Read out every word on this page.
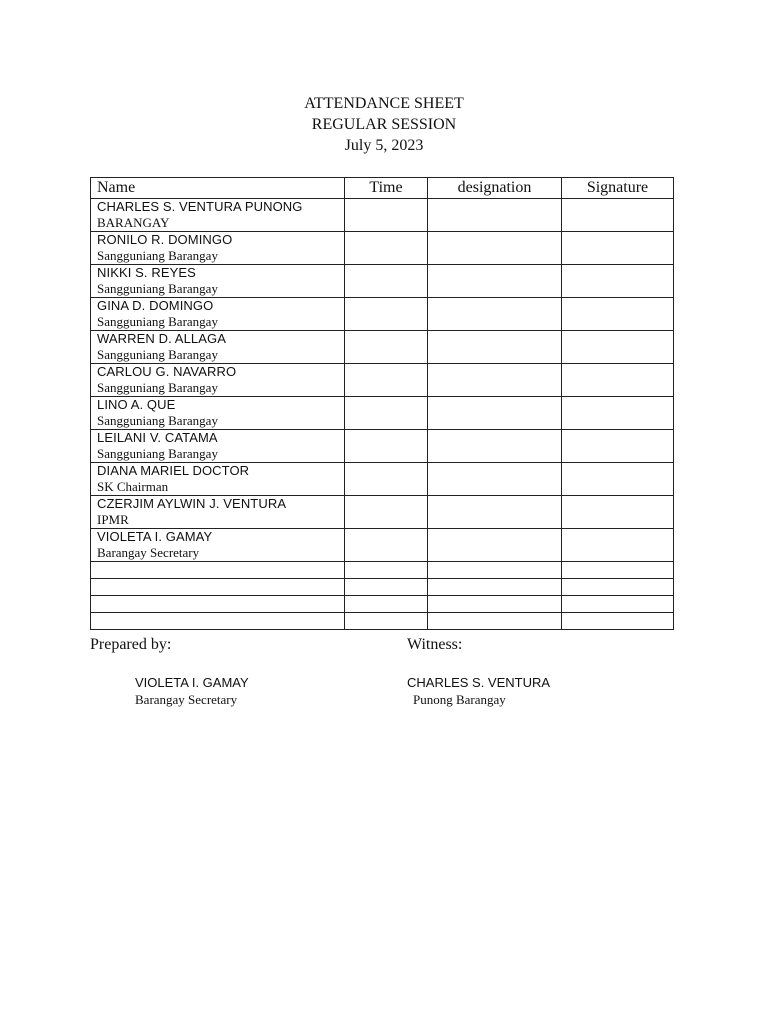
ATTENDANCE SHEET
REGULAR SESSION
July 5, 2023
Name	Time	designation	Signature

CHARLES S. VENTURA PUNONG
BARANGAY			

RONILO R. DOMINGO
Sangguniang Barangay			

NIKKI S. REYES
Sangguniang Barangay			

GINA D. DOMINGO
Sangguniang Barangay			

WARREN D. ALLAGA
Sangguniang Barangay			

CARLOU G. NAVARRO
Sangguniang Barangay			

LINO A. QUE
Sangguniang Barangay			

LEILANI V. CATAMA
Sangguniang Barangay			

DIANA MARIEL DOCTOR
SK Chairman			

CZERJIM AYLWIN J. VENTURA
IPMR			

VIOLETA I. GAMAY
Barangay Secretary			

Prepared by:	Witness:
VIOLETA I. GAMAY
Barangay Secretary
CHARLES S. VENTURA
Punong Barangay
